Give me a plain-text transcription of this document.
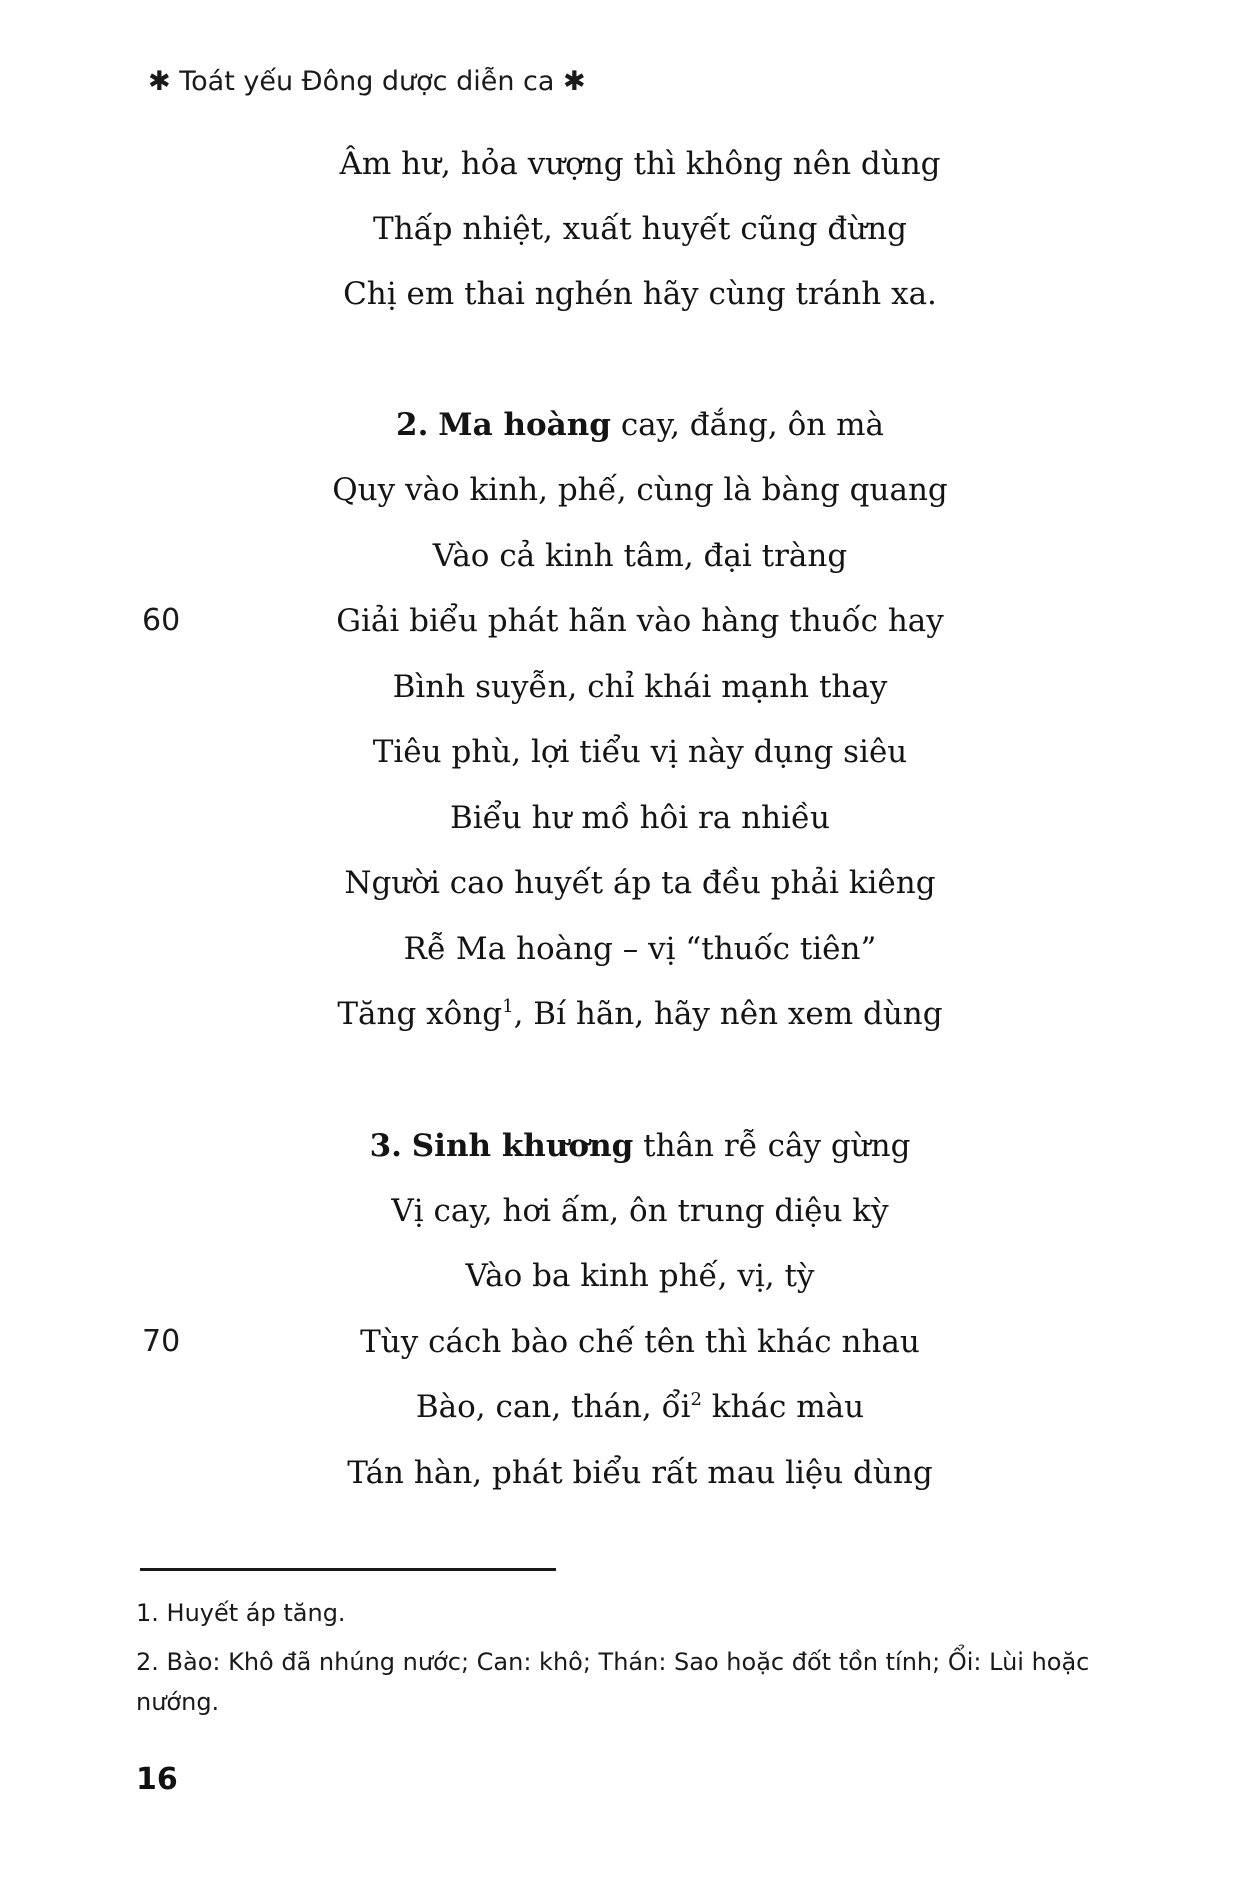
✱ Toát yếu Đông dược diễn ca ✱
Âm hư, hỏa vượng thì không nên dùng
Thấp nhiệt, xuất huyết cũng đừng
Chị em thai nghén hãy cùng tránh xa.
2. Ma hoàng cay, đắng, ôn mà
Quy vào kinh, phế, cùng là bàng quang
Vào cả kinh tâm, đại tràng
60	Giải biểu phát hãn vào hàng thuốc hay
Bình suyễn, chỉ khái mạnh thay
Tiêu phù, lợi tiểu vị này dụng siêu
Biểu hư mồ hôi ra nhiều
Người cao huyết áp ta đều phải kiêng
Rễ Ma hoàng – vị “thuốc tiên”
Tăng xông$^1$, Bí hãn, hãy nên xem dùng
3. Sinh khương thân rễ cây gừng
Vị cay, hơi ấm, ôn trung diệu kỳ
Vào ba kinh phế, vị, tỳ
70	Tùy cách bào chế tên thì khác nhau
Bào, can, thán, ổi$^2$ khác màu
Tán hàn, phát biểu rất mau liệu dùng
1. Huyết áp tăng.
2. Bào: Khô đã nhúng nước; Can: khô; Thán: Sao hoặc đốt tồn tính; Ổi: Lùi hoặc nướng.
16
